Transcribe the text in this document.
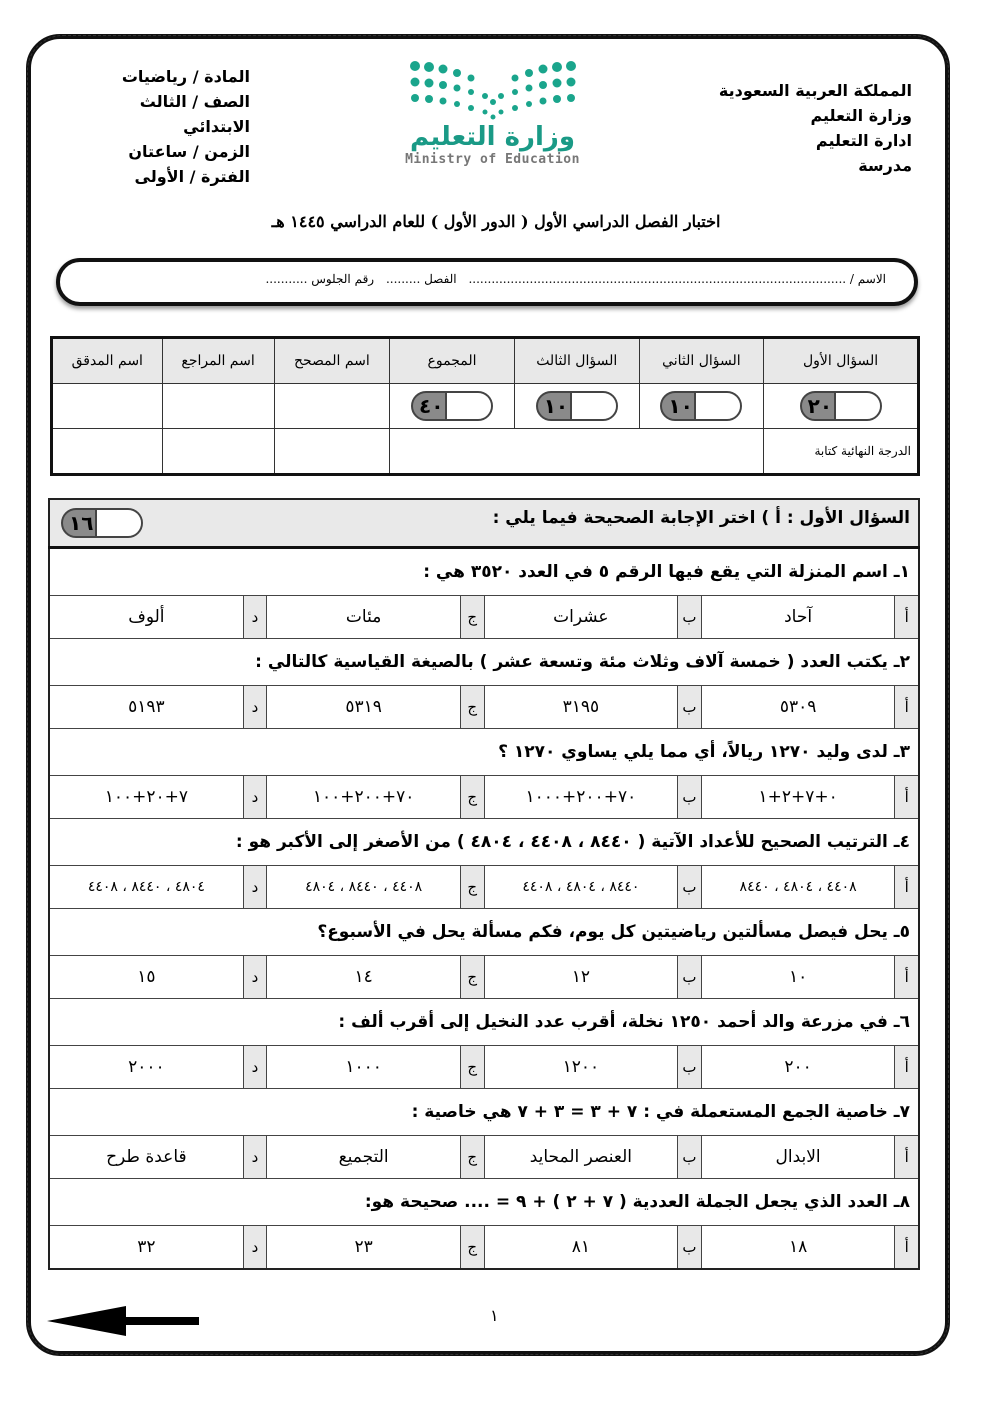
المملكة العربية السعودية
وزارة التعليم
ادارة التعليم
مدرسة
وزارة التعليم
Ministry of Education
المادة / رياضيات
الصف / الثالث الابتدائي
الزمن / ساعتان
الفترة / الأولى
اختبار الفصل الدراسي الأول ( الدور الأول ) للعام الدراسي ١٤٤٥ هـ
الاسم / ................................................................................................... الفصل ......... رقم الجلوس ...........
السؤال الأول	السؤال الثاني	السؤال الثالث	المجموع	اسم المصحح	اسم المراجع	اسم المدقق

٢٠	١٠	١٠	٤٠			

الدرجة النهائية كتابة						
السؤال الأول : أ ) اختر الإجابة الصحيحة فيما يلي :
١٦							

١ـ اسم المنزلة التي يقع فيها الرقم ٥ في العدد ٣٥٢٠ هي :							
أ	آحاد	ب	عشرات	ج	مئات	د	ألوف
٢ـ يكتب العدد ( خمسة آلاف وثلاث مئة وتسعة عشر ) بالصيغة القياسية كالتالي :							
أ	٥٣٠٩	ب	٣١٩٥	ج	٥٣١٩	د	٥١٩٣
٣ـ لدى وليد ١٢٧٠ ريالاً، أي مما يلي يساوي ١٢٧٠ ؟							
أ	٠+٧+٢+١	ب	٧٠+٢٠٠+١٠٠٠	ج	٧٠+٢٠٠+١٠٠	د	٧+٢٠+١٠٠
٤ـ الترتيب الصحيح للأعداد الآتية ( ٨٤٤٠ ، ٤٤٠٨ ، ٤٨٠٤ ) من الأصغر إلى الأكبر هو :							
أ	٤٤٠٨ ، ٤٨٠٤ ، ٨٤٤٠	ب	٨٤٤٠ ، ٤٨٠٤ ، ٤٤٠٨	ج	٤٤٠٨ ، ٨٤٤٠ ، ٤٨٠٤	د	٤٨٠٤ ، ٨٤٤٠ ، ٤٤٠٨
٥ـ يحل فيصل مسألتين رياضيتين كل يوم، فكم مسألة يحل في الأسبوع؟							
أ	١٠	ب	١٢	ج	١٤	د	١٥
٦ـ في مزرعة والد أحمد ١٢٥٠ نخلة، أقرب عدد النخيل إلى أقرب ألف :							
أ	٢٠٠	ب	١٢٠٠	ج	١٠٠٠	د	٢٠٠٠
٧ـ خاصية الجمع المستعملة في : ٧ + ٣ = ٣ + ٧ هي خاصية :							
أ	الابدال	ب	العنصر المحايد	ج	التجميع	د	قاعدة طرح
٨ـ العدد الذي يجعل الجملة العددية ( ٧ + ٢ ) + ٩ = .... صحيحة هو:							
أ	١٨	ب	٨١	ج	٢٣	د	٣٢
١
